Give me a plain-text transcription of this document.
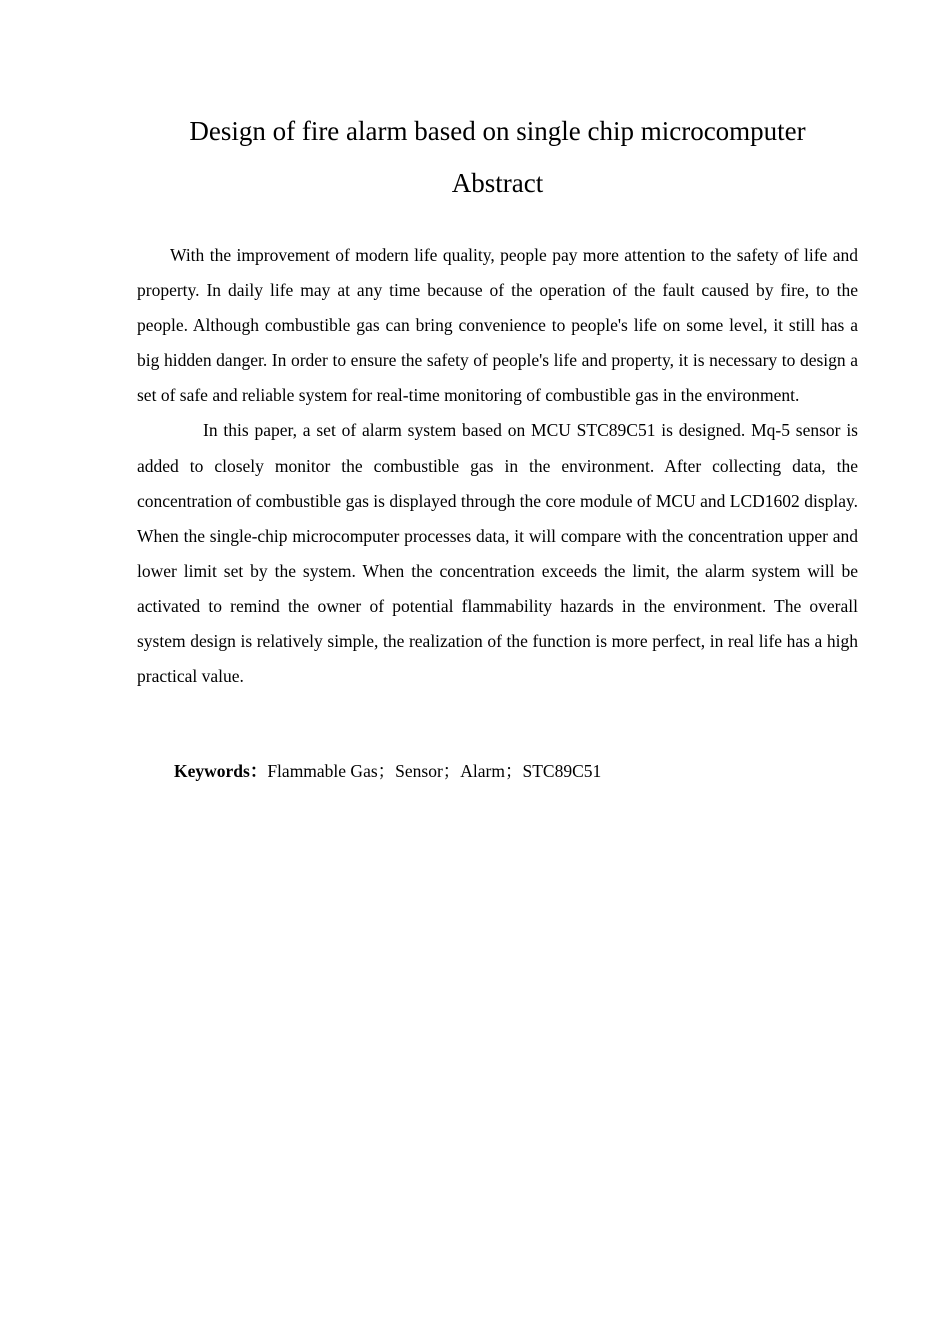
Design of fire alarm based on single chip microcomputer
Abstract

With the improvement of modern life quality, people pay more attention to the safety of life and property. In daily life may at any time because of the operation of the fault caused by fire, to the people. Although combustible gas can bring convenience to people's life on some level, it still has a big hidden danger. In order to ensure the safety of people's life and property, it is necessary to design a set of safe and reliable system for real-time monitoring of combustible gas in the environment.

In this paper, a set of alarm system based on MCU STC89C51 is designed. Mq-5 sensor is added to closely monitor the combustible gas in the environment. After collecting data, the concentration of combustible gas is displayed through the core module of MCU and LCD1602 display. When the single-chip microcomputer processes data, it will compare with the concentration upper and lower limit set by the system. When the concentration exceeds the limit, the alarm system will be activated to remind the owner of potential flammability hazards in the environment. The overall system design is relatively simple, the realization of the function is more perfect, in real life has a high practical value.

Keywords：Flammable Gas；Sensor；Alarm；STC89C51
